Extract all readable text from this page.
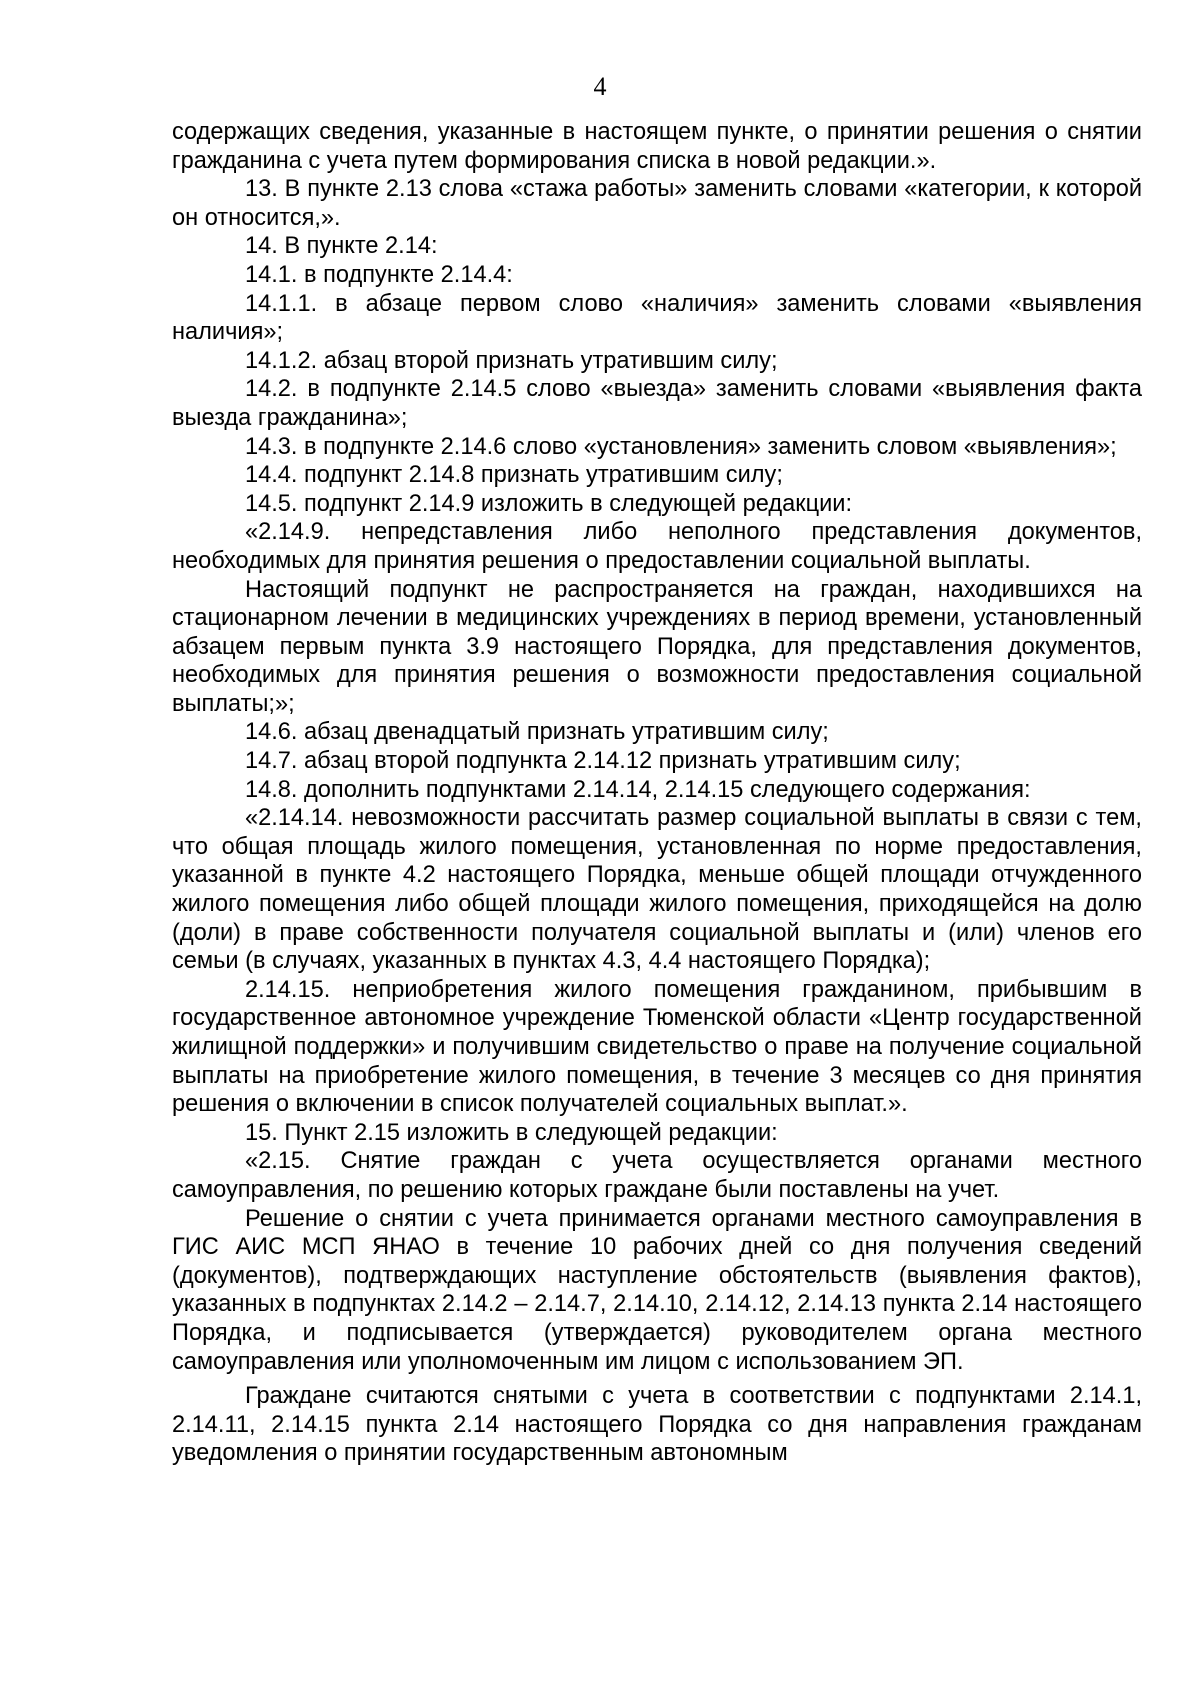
4

содержащих сведения, указанные в настоящем пункте, о принятии решения о снятии гражданина с учета путем формирования списка в новой редакции.».

13. В пункте 2.13 слова «стажа работы» заменить словами «категории, к которой он относится,».

14. В пункте 2.14:

14.1. в подпункте 2.14.4:

14.1.1. в абзаце первом слово «наличия» заменить словами «выявления наличия»;

14.1.2. абзац второй признать утратившим силу;

14.2. в подпункте 2.14.5 слово «выезда» заменить словами «выявления факта выезда гражданина»;

14.3. в подпункте 2.14.6 слово «установления» заменить словом «выявления»;

14.4. подпункт 2.14.8 признать утратившим силу;

14.5. подпункт 2.14.9 изложить в следующей редакции:

«2.14.9. непредставления либо неполного представления документов, необходимых для принятия решения о предоставлении социальной выплаты.

Настоящий подпункт не распространяется на граждан, находившихся на стационарном лечении в медицинских учреждениях в период времени, установленный абзацем первым пункта 3.9 настоящего Порядка, для представления документов, необходимых для принятия решения о возможности предоставления социальной выплаты;»;

14.6. абзац двенадцатый признать утратившим силу;

14.7. абзац второй подпункта 2.14.12 признать утратившим силу;

14.8. дополнить подпунктами 2.14.14, 2.14.15 следующего содержания:

«2.14.14. невозможности рассчитать размер социальной выплаты в связи с тем, что общая площадь жилого помещения, установленная по норме предоставления, указанной в пункте 4.2 настоящего Порядка, меньше общей площади отчужденного жилого помещения либо общей площади жилого помещения, приходящейся на долю (доли) в праве собственности получателя социальной выплаты и (или) членов его семьи (в случаях, указанных в пунктах 4.3, 4.4 настоящего Порядка);

2.14.15. неприобретения жилого помещения гражданином, прибывшим в государственное автономное учреждение Тюменской области «Центр государственной жилищной поддержки» и получившим свидетельство о праве на получение социальной выплаты на приобретение жилого помещения, в течение 3 месяцев со дня принятия решения о включении в список получателей социальных выплат.».

15. Пункт 2.15 изложить в следующей редакции:

«2.15. Снятие граждан с учета осуществляется органами местного самоуправления, по решению которых граждане были поставлены на учет.

Решение о снятии с учета принимается органами местного самоуправления в ГИС АИС МСП ЯНАО в течение 10 рабочих дней со дня получения сведений (документов), подтверждающих наступление обстоятельств (выявления фактов), указанных в подпунктах 2.14.2 – 2.14.7, 2.14.10, 2.14.12, 2.14.13 пункта 2.14 настоящего Порядка, и подписывается (утверждается) руководителем органа местного самоуправления или уполномоченным им лицом с использованием ЭП.

Граждане считаются снятыми с учета в соответствии с подпунктами 2.14.1, 2.14.11, 2.14.15 пункта 2.14 настоящего Порядка со дня направления гражданам уведомления о принятии государственным автономным
